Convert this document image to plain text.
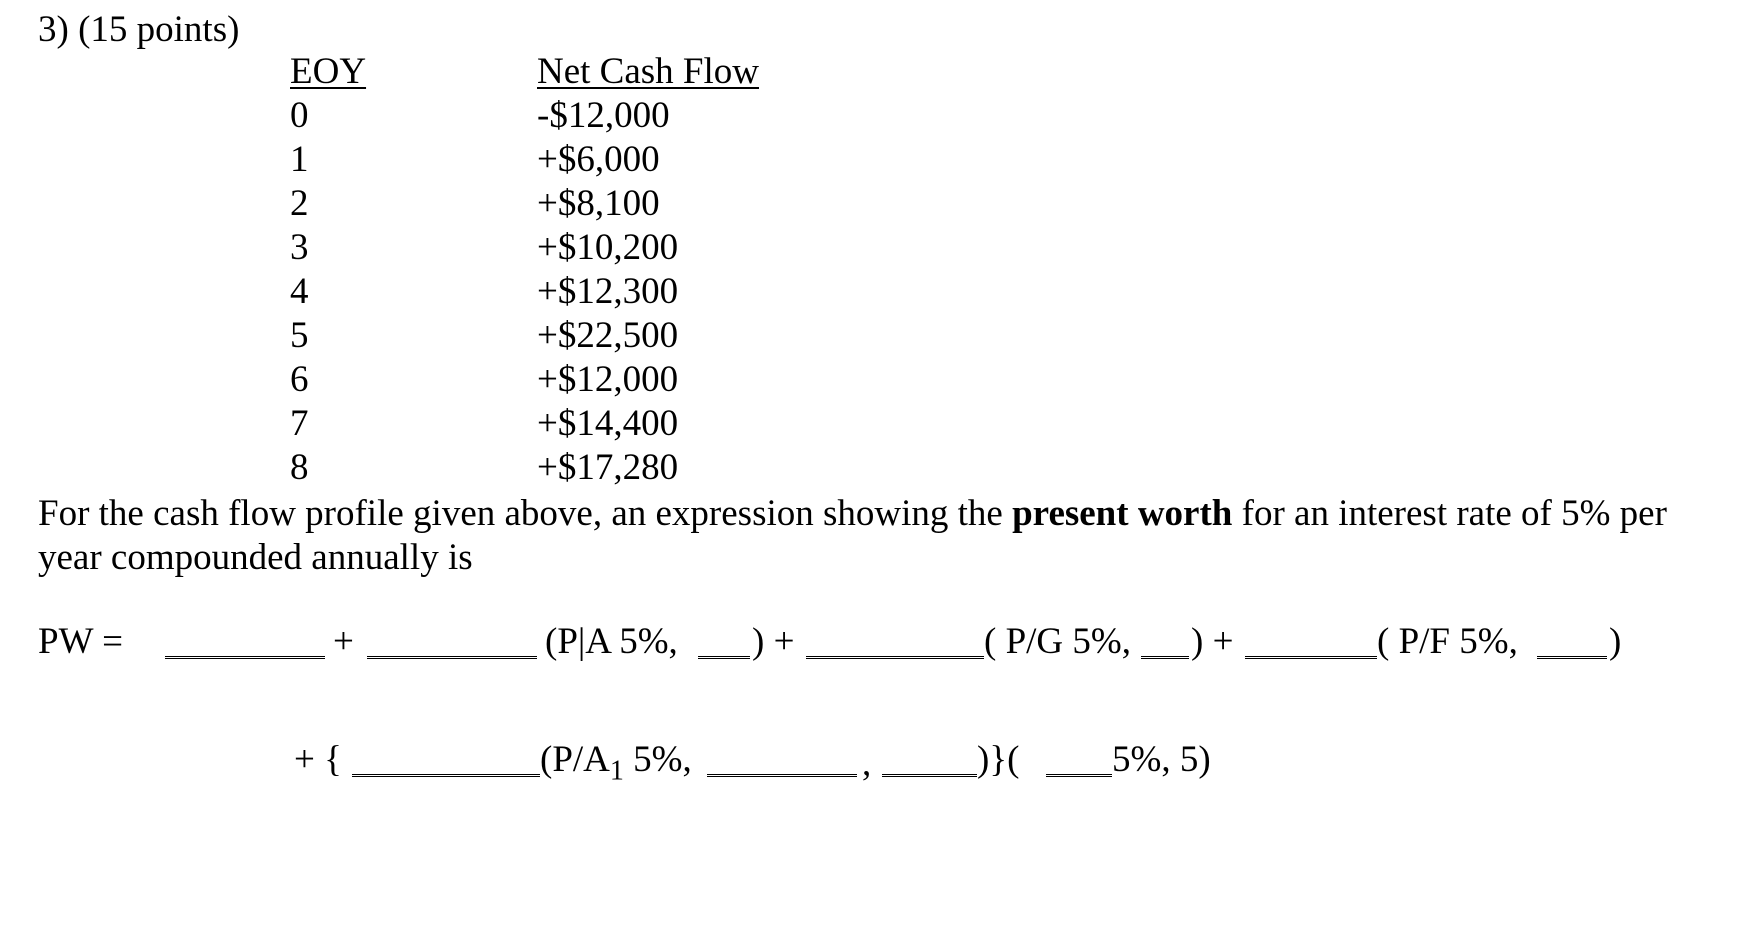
3) (15 points)
EOY	Net Cash Flow
0	-$12,000
1	+$6,000
2	+$8,100
3	+$10,200
4	+$12,300
5	+$22,500
6	+$12,000
7	+$14,400
8	+$17,280
For the cash flow profile given above, an expression showing the present worth for an interest rate of 5% per year compounded annually is
PW =	+	(P|A 5%, ) +	( P/G 5%, ) +	( P/F 5%, )
+ {	($P/A_1$ 5%,	,	)}(	5%, 5)
